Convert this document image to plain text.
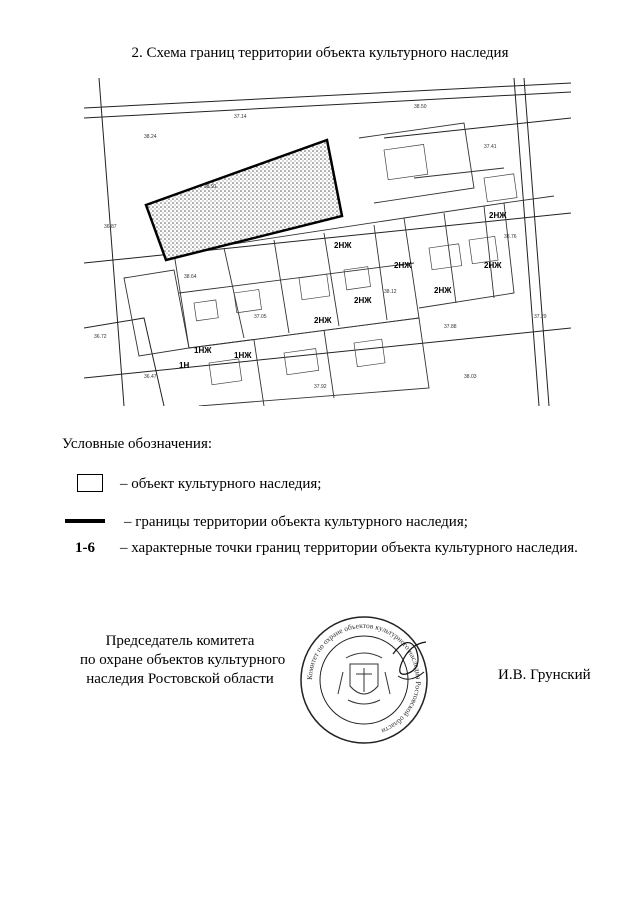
2. Схема границ территории объекта культурного наследия
38.24
37.14
38.50
37.41
36.87
38.64
37.05
38.12
37.88
38.76
36.47
37.92
38.03
37.29
36.72
38.91
2НЖ
2НЖ
2НЖ
2НЖ
1НЖ
1НЖ
1Н
2НЖ
2НЖ
2НЖ
Условные обозначения:
– объект культурного наследия;
– границы территории объекта культурного наследия;
1-6 – характерные точки границ территории объекта культурного наследия.
Председатель комитета
по охране объектов культурного
наследия Ростовской области	Комитет по охране объектов культурного наследия Ростовской области
И.В. Грунский
